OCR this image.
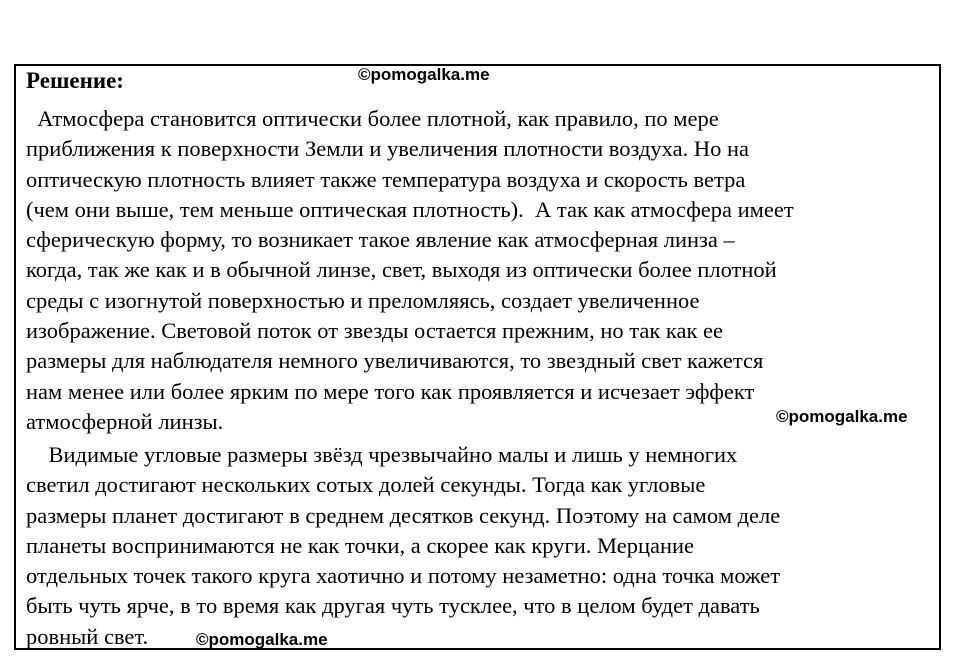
Решение:	©pomogalka.me
Атмосфера становится оптически более плотной, как правило, по мере
приближения к поверхности Земли и увеличения плотности воздуха. Но на
оптическую плотность влияет также температура воздуха и скорость ветра
(чем они выше, тем меньше оптическая плотность).  А так как атмосфера имеет
сферическую форму, то возникает такое явление как атмосферная линза –
когда, так же как и в обычной линзе, свет, выходя из оптически более плотной
среды с изогнутой поверхностью и преломляясь, создает увеличенное
изображение. Световой поток от звезды остается прежним, но так как ее
размеры для наблюдателя немного увеличиваются, то звездный свет кажется
нам менее или более ярким по мере того как проявляется и исчезает эффект
атмосферной линзы.	©pomogalka.me
Видимые угловые размеры звёзд чрезвычайно малы и лишь у немногих
светил достигают нескольких сотых долей секунды. Тогда как угловые
размеры планет достигают в среднем десятков секунд. Поэтому на самом деле
планеты воспринимаются не как точки, а скорее как круги. Мерцание
отдельных точек такого круга хаотично и потому незаметно: одна точка может
быть чуть ярче, в то время как другая чуть тусклее, что в целом будет давать
ровный свет.	©pomogalka.me
